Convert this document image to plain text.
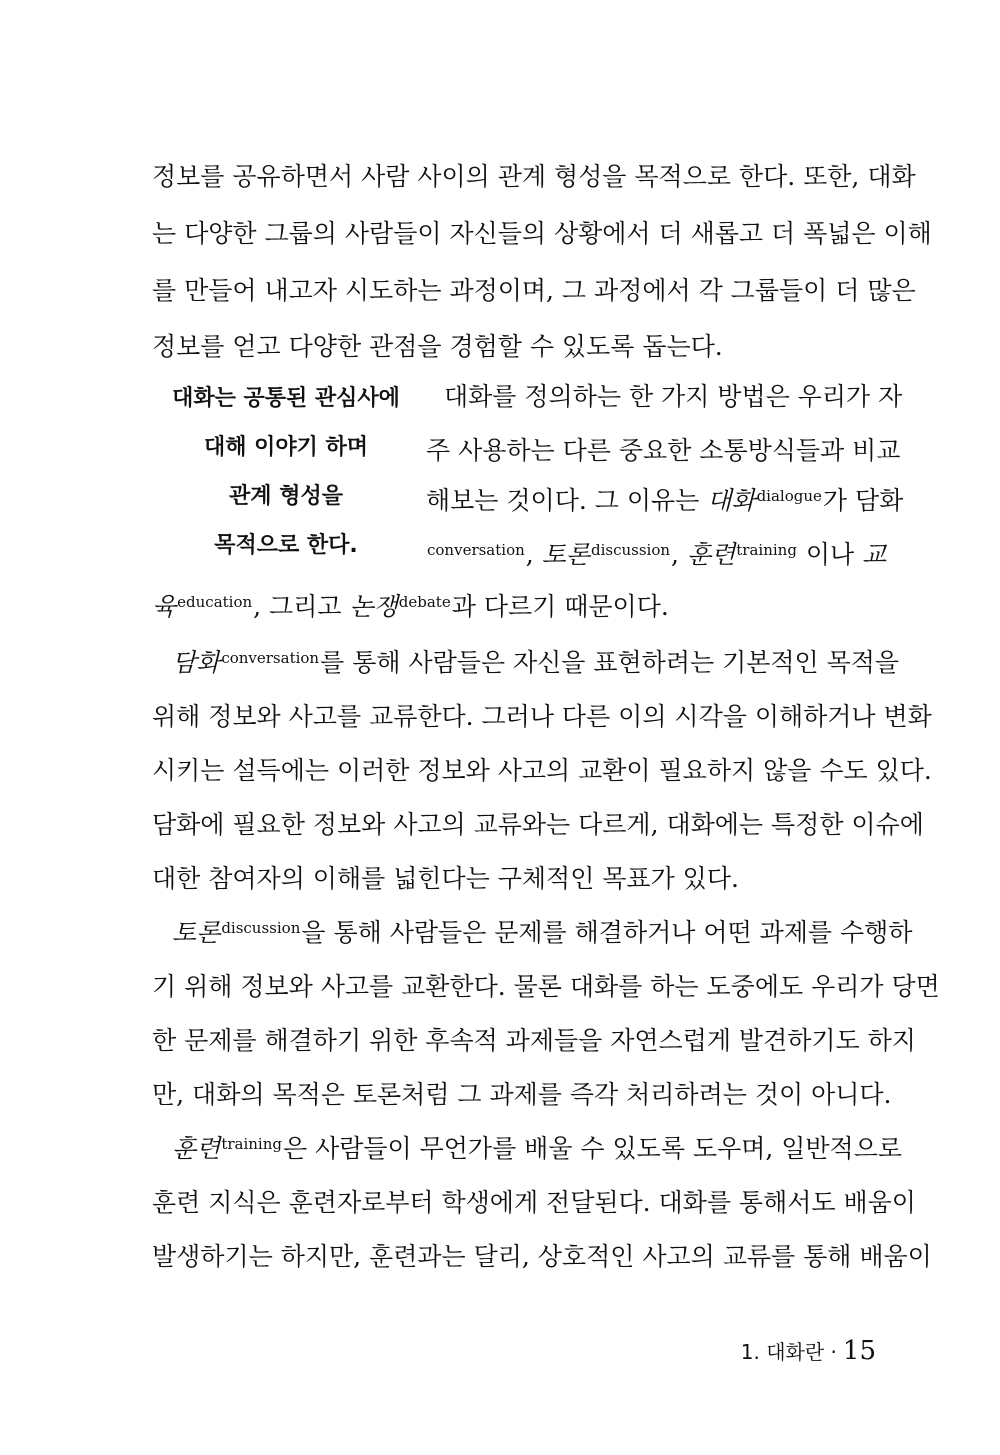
정보를 공유하면서 사람 사이의 관계 형성을 목적으로 한다. 또한, 대화
는 다양한 그룹의 사람들이 자신들의 상황에서 더 새롭고 더 폭넓은 이해
를 만들어 내고자 시도하는 과정이며, 그 과정에서 각 그룹들이 더 많은
정보를 얻고 다양한 관점을 경험할 수 있도록 돕는다.
대화는 공통된 관심사에
대해 이야기 하며
관계 형성을
목적으로 한다.
대화를 정의하는 한 가지 방법은 우리가 자
주 사용하는 다른 중요한 소통방식들과 비교
해보는 것이다. 그 이유는 대화$^{dialogue}$가 담화
$^{conversation}$, 토론$^{discussion}$, 훈련$^{training}$ 이나 교
육$^{education}$, 그리고 논쟁$^{debate}$과 다르기 때문이다.
담화$^{conversation}$를 통해 사람들은 자신을 표현하려는 기본적인 목적을
위해 정보와 사고를 교류한다. 그러나 다른 이의 시각을 이해하거나 변화
시키는 설득에는 이러한 정보와 사고의 교환이 필요하지 않을 수도 있다.
담화에 필요한 정보와 사고의 교류와는 다르게, 대화에는 특정한 이슈에
대한 참여자의 이해를 넓힌다는 구체적인 목표가 있다.
토론$^{discussion}$을 통해 사람들은 문제를 해결하거나 어떤 과제를 수행하
기 위해 정보와 사고를 교환한다. 물론 대화를 하는 도중에도 우리가 당면
한 문제를 해결하기 위한 후속적 과제들을 자연스럽게 발견하기도 하지
만, 대화의 목적은 토론처럼 그 과제를 즉각 처리하려는 것이 아니다.
훈련$^{training}$은 사람들이 무언가를 배울 수 있도록 도우며, 일반적으로
훈련 지식은 훈련자로부터 학생에게 전달된다. 대화를 통해서도 배움이
발생하기는 하지만, 훈련과는 달리, 상호적인 사고의 교류를 통해 배움이
1. 대화란 · 15
